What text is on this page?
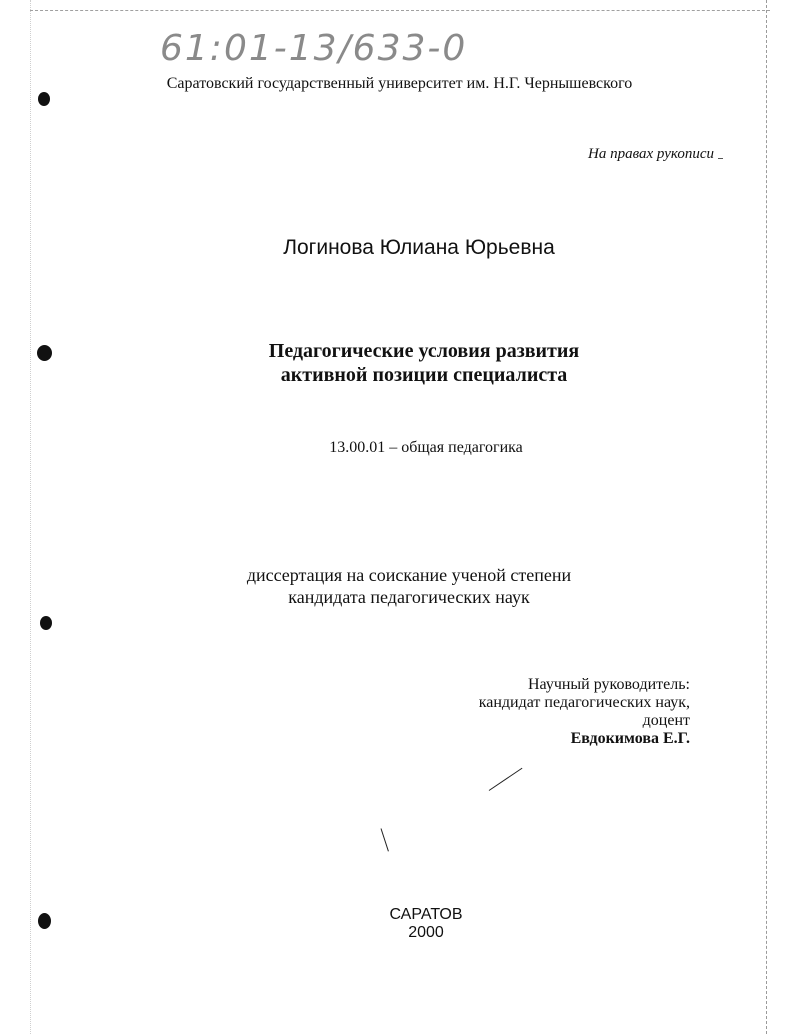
61:01-13/633-0
Саратовский государственный университет им. Н.Г. Чернышевского
На правах рукописи
Логинова Юлиана Юрьевна
Педагогические условия развития
активной позиции специалиста
13.00.01 – общая педагогика
диссертация на соискание ученой степени
кандидата педагогических наук
Научный руководитель:
кандидат педагогических наук,
доцент
Евдокимова Е.Г.
САРАТОВ
2000
